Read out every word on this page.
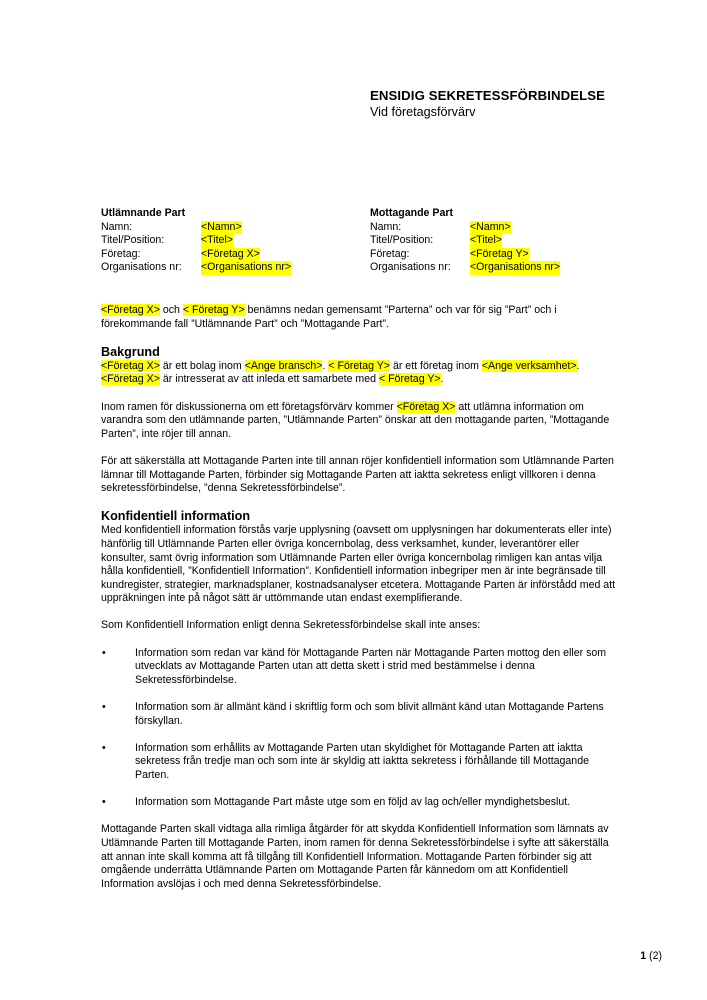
ENSIDIG SEKRETESSFÖRBINDELSE
Vid företagsförvärv
Utlämnande Part
Namn:	<Namn>
Titel/Position:	<Titel>
Företag:	<Företag X>
Organisations nr:	<Organisations nr>
Mottagande Part
Namn:	<Namn>
Titel/Position:	<Titel>
Företag:	<Företag Y>
Organisations nr:	<Organisations nr>

<Företag X> och < Företag Y> benämns nedan gemensamt ”Parterna” och var för sig ”Part” och i förekommande fall ”Utlämnande Part” och ”Mottagande Part”.

Bakgrund

<Företag X> är ett bolag inom <Ange bransch>. < Företag Y> är ett företag inom <Ange verksamhet>. <Företag X> är intresserat av att inleda ett samarbete med < Företag Y>.

Inom ramen för diskussionerna om ett företagsförvärv kommer <Företag X> att utlämna information om varandra som den utlämnande parten, ”Utlämnande Parten” önskar att den mottagande parten, ”Mottagande Parten”, inte röjer till annan.

För att säkerställa att Mottagande Parten inte till annan röjer konfidentiell information som Utlämnande Parten lämnar till Mottagande Parten, förbinder sig Mottagande Parten att iaktta sekretess enligt villkoren i denna sekretessförbindelse, ”denna Sekretessförbindelse”.

Konfidentiell information

Med konfidentiell information förstås varje upplysning (oavsett om upplysningen har dokumenterats eller inte) hänförlig till Utlämnande Parten eller övriga koncernbolag, dess verksamhet, kunder, leverantörer eller konsulter, samt övrig information som Utlämnande Parten eller övriga koncernbolag rimligen kan antas vilja hålla konfidentiell, ”Konfidentiell Information”. Konfidentiell information inbegriper men är inte begränsade till kundregister, strategier, marknadsplaner, kostnadsanalyser etcetera. Mottagande Parten är införstådd med att uppräkningen inte på något sätt är uttömmande utan endast exemplifierande.

Som Konfidentiell Information enligt denna Sekretessförbindelse skall inte anses:

•	Information som redan var känd för Mottagande Parten när Mottagande Parten mottog den eller som utvecklats av Mottagande Parten utan att detta skett i strid med bestämmelse i denna Sekretessförbindelse.
•	Information som är allmänt känd i skriftlig form och som blivit allmänt känd utan Mottagande Partens förskyllan.
•	Information som erhållits av Mottagande Parten utan skyldighet för Mottagande Parten att iaktta sekretess från tredje man och som inte är skyldig att iaktta sekretess i förhållande till Mottagande Parten.
•	Information som Mottagande Part måste utge som en följd av lag och/eller myndighetsbeslut.

Mottagande Parten skall vidtaga alla rimliga åtgärder för att skydda Konfidentiell Information som lämnats av Utlämnande Parten till Mottagande Parten, inom ramen för denna Sekretessförbindelse i syfte att säkerställa att annan inte skall komma att få tillgång till Konfidentiell Information. Mottagande Parten förbinder sig att omgående underrätta Utlämnande Parten om Mottagande Parten får kännedom om att Konfidentiell Information avslöjas i och med denna Sekretessförbindelse.

1 (2)
